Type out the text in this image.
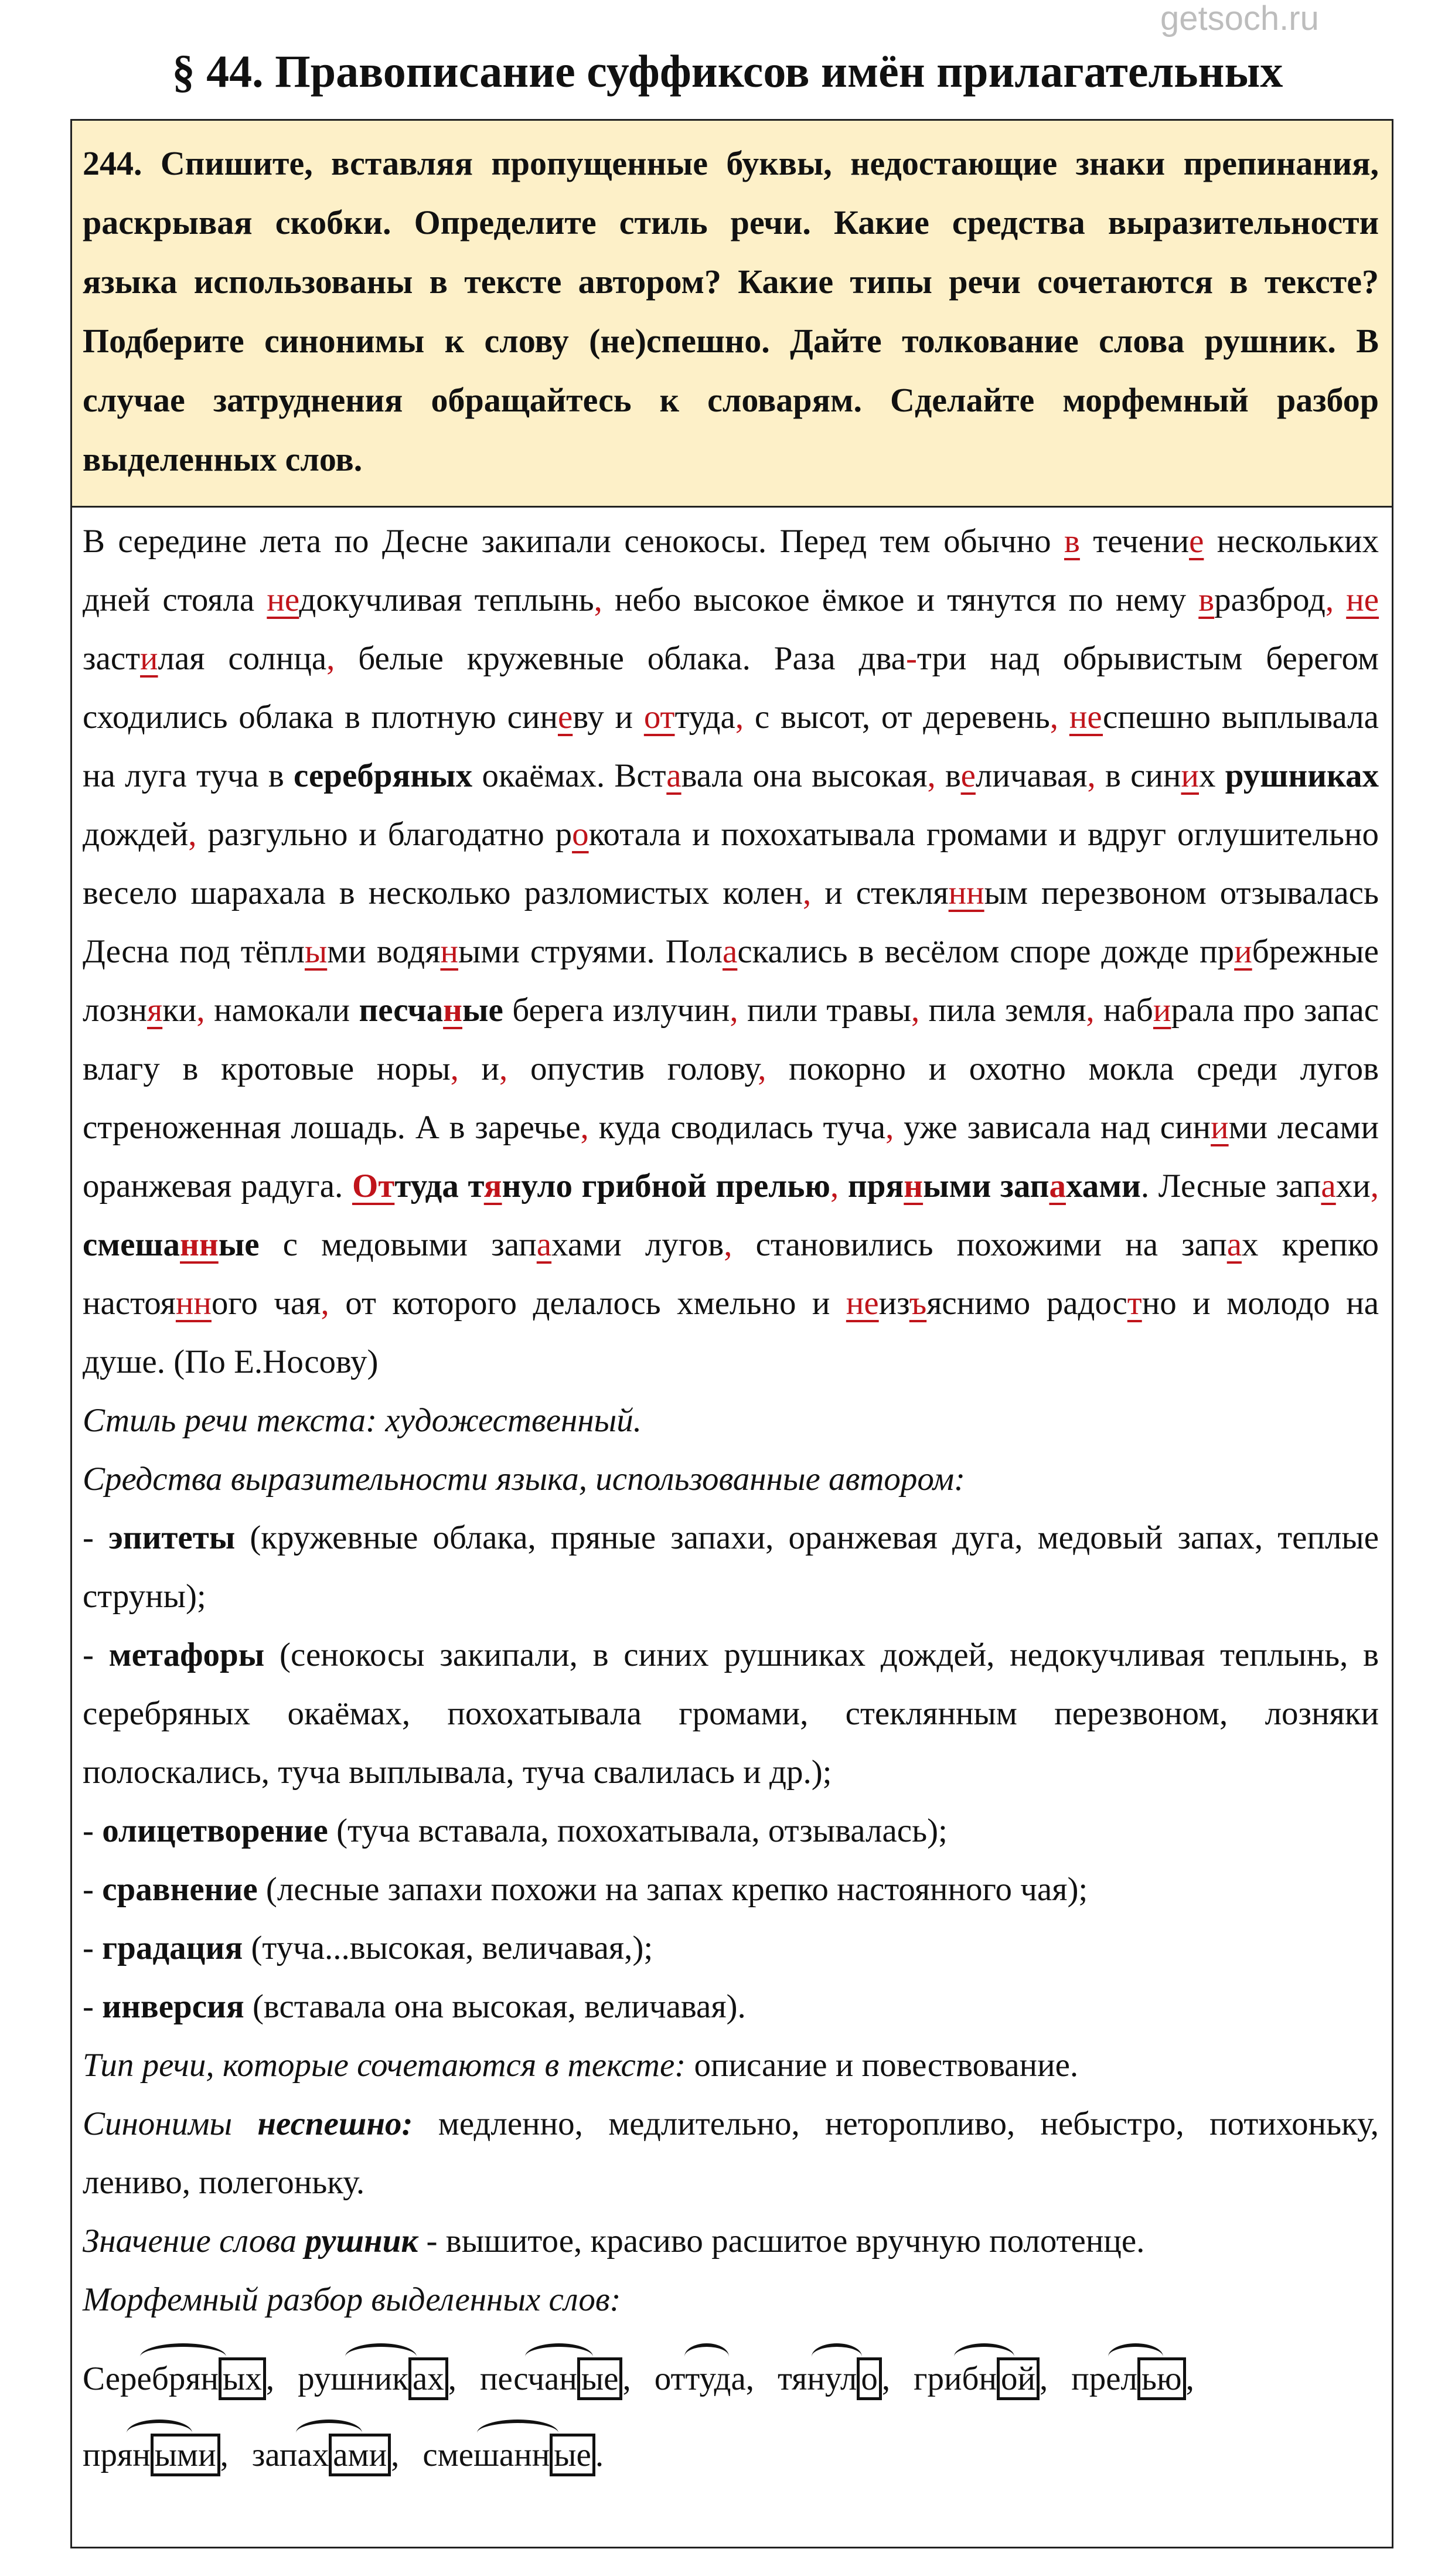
getsoch.ru
§ 44. Правописание суффиксов имён прилагательных
244. Спишите, вставляя пропущенные буквы, недостающие знаки препинания, раскрывая скобки. Определите стиль речи. Какие средства выразительности языка использованы в тексте автором? Какие типы речи сочетаются в тексте? Подберите синонимы к слову (не)спешно. Дайте толкование слова рушник. В случае затруднения обращайтесь к словарям. Сделайте морфемный разбор выделенных слов.

В середине лета по Десне закипали сенокосы. Перед тем обычно в течение нескольких дней стояла недокучливая теплынь, небо высокое ёмкое и тянутся по нему вразброд, не застилая солнца, белые кружевные облака. Раза два-три над обрывистым берегом сходились облака в плотную синеву и оттуда, с высот, от деревень, неспешно выплывала на луга туча в серебряных окаёмах. Вставала она высокая, величавая, в синих рушниках дождей, разгульно и благодатно рокотала и похохатывала громами и вдруг оглушительно весело шарахала в несколько разломистых колен, и стеклянным перезвоном отзывалась Десна под тёплыми водяными струями. Поласкались в весёлом споре дожде прибрежные лозняки, намокали песчаные берега излучин, пили травы, пила земля, набирала про запас влагу в кротовые норы, и, опустив голову, покорно и охотно мокла среди лугов стреноженная лошадь. А в заречье, куда сводилась туча, уже зависала над синими лесами оранжевая радуга. Оттуда тянуло грибной прелью, пряными запахами. Лесные запахи, смешанные с медовыми запахами лугов, становились похожими на запах крепко настоянного чая, от которого делалось хмельно и неизъяснимо радостно и молодо на душе. (По Е.Носову)

Стиль речи текста: художественный.

Средства выразительности языка, использованные автором:

- эпитеты (кружевные облака, пряные запахи, оранжевая дуга, медовый запах, теплые струны);

- метафоры (сенокосы закипали, в синих рушниках дождей, недокучливая теплынь, в серебряных окаёмах, похохатывала громами, стеклянным перезвоном, лозняки полоскались, туча выплывала, туча свалилась и др.);

- олицетворение (туча вставала, похохатывала, отзывалась);

- сравнение (лесные запахи похожи на запах крепко настоянного чая);

- градация (туча...высокая, величавая,);

- инверсия (вставала она высокая, величавая).

Тип речи, которые сочетаются в тексте: описание и повествование.

Синонимы неспешно: медленно, медлительно, неторопливо, небыстро, потихоньку, лениво, полегоньку.

Значение слова рушник - вышитое, красиво расшитое вручную полотенце.

Морфемный разбор выделенных слов:

Серебрян ых , рушник ах , песчан ые , оттуда, тянул о , грибн ой , прел ью ,
прян ыми , запах ами , смешанн ые .
